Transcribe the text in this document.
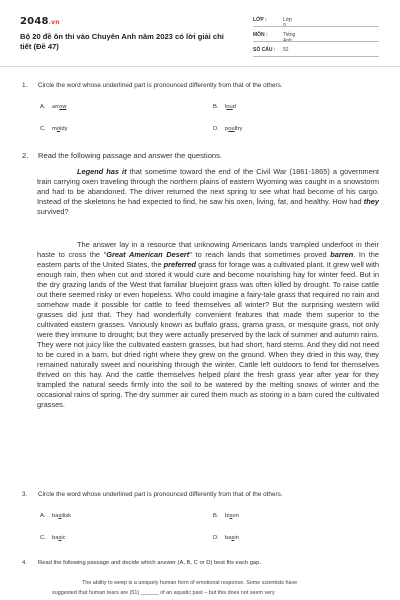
2048.vn
Bộ 20 đề ôn thi vào Chuyên Anh năm 2023 có lời giải chi tiết (Đề 47)
LỚP :	Lớp
MÔN :	Tiếng
SỐ CÂU : 52
1. Circle the word whose underlined part is pronounced differently from that of the others.
A. arrow	B. loud
C. moldy	D. poultry
2. Read the following passage and answer the questions.

Legend has it that sometime toward the end of the Civil War (1861-1865) a government train carrying oxen traveling through the northern plains of eastern Wyoming was caught in a snowstorm and had to be abandoned. The driver returned the next spring to see what had become of his cargo. Instead of the skeletons he had expected to find, he saw his oxen, living, fat, and healthy. How had they survived?

The answer lay in a resource that unknowing Americans lands trampled underfoot in their haste to cross the "Great American Desert" to reach lands that sometimes proved barren. In the eastern parts of the United States, the preferred grass for forage was a cultivated plant. It grew well with enough rain, then when cut and stored it would cure and become nourishing hay for winter feed. But in the dry grazing lands of the West that familiar bluejoint grass was often killed by drought. To raise cattle out there seemed risky or even hopeless. Who could imagine a fairy-tale grass that required no rain and somehow made it possible for cattle to feed themselves all winter? But the surprising western wild grasses did just that. They had wonderfully convenient features that made them superior to the cultivated eastern grasses. Variously known as buffalo grass, grama grass, or mesquite grass, not only were they immune to drought; but they were actually preserved by the lack of summer and autumn rains. They were not juicy like the cultivated eastern grasses, but had short, hard stems. And they did not need to be cured in a barn, but dried right where they grew on the ground. When they dried in this way, they remained naturally sweet and nourishing through the winter. Cattle left outdoors to fend for themselves thrived on this hay. And the cattle themselves helped plant the fresh grass year after year for they trampled the natural seeds firmly into the soil to be watered by the melting snows of winter and the occasional rains of spring. The dry summer air cured them much as storing in a barn cured the cultivated grasses.

3. Circle the word whose underlined part is pronounced differently from that of the others.
A. basilisk	B. bison
C. basic	D. basin
4. Read the following passage and decide which answer (A, B, C or D) best fits each gap.

The ability to weep is a uniquely human form of emotional response. Some scientists have

suggested that human tears are (51) ______ of an aquatic past – but this does not seem very
